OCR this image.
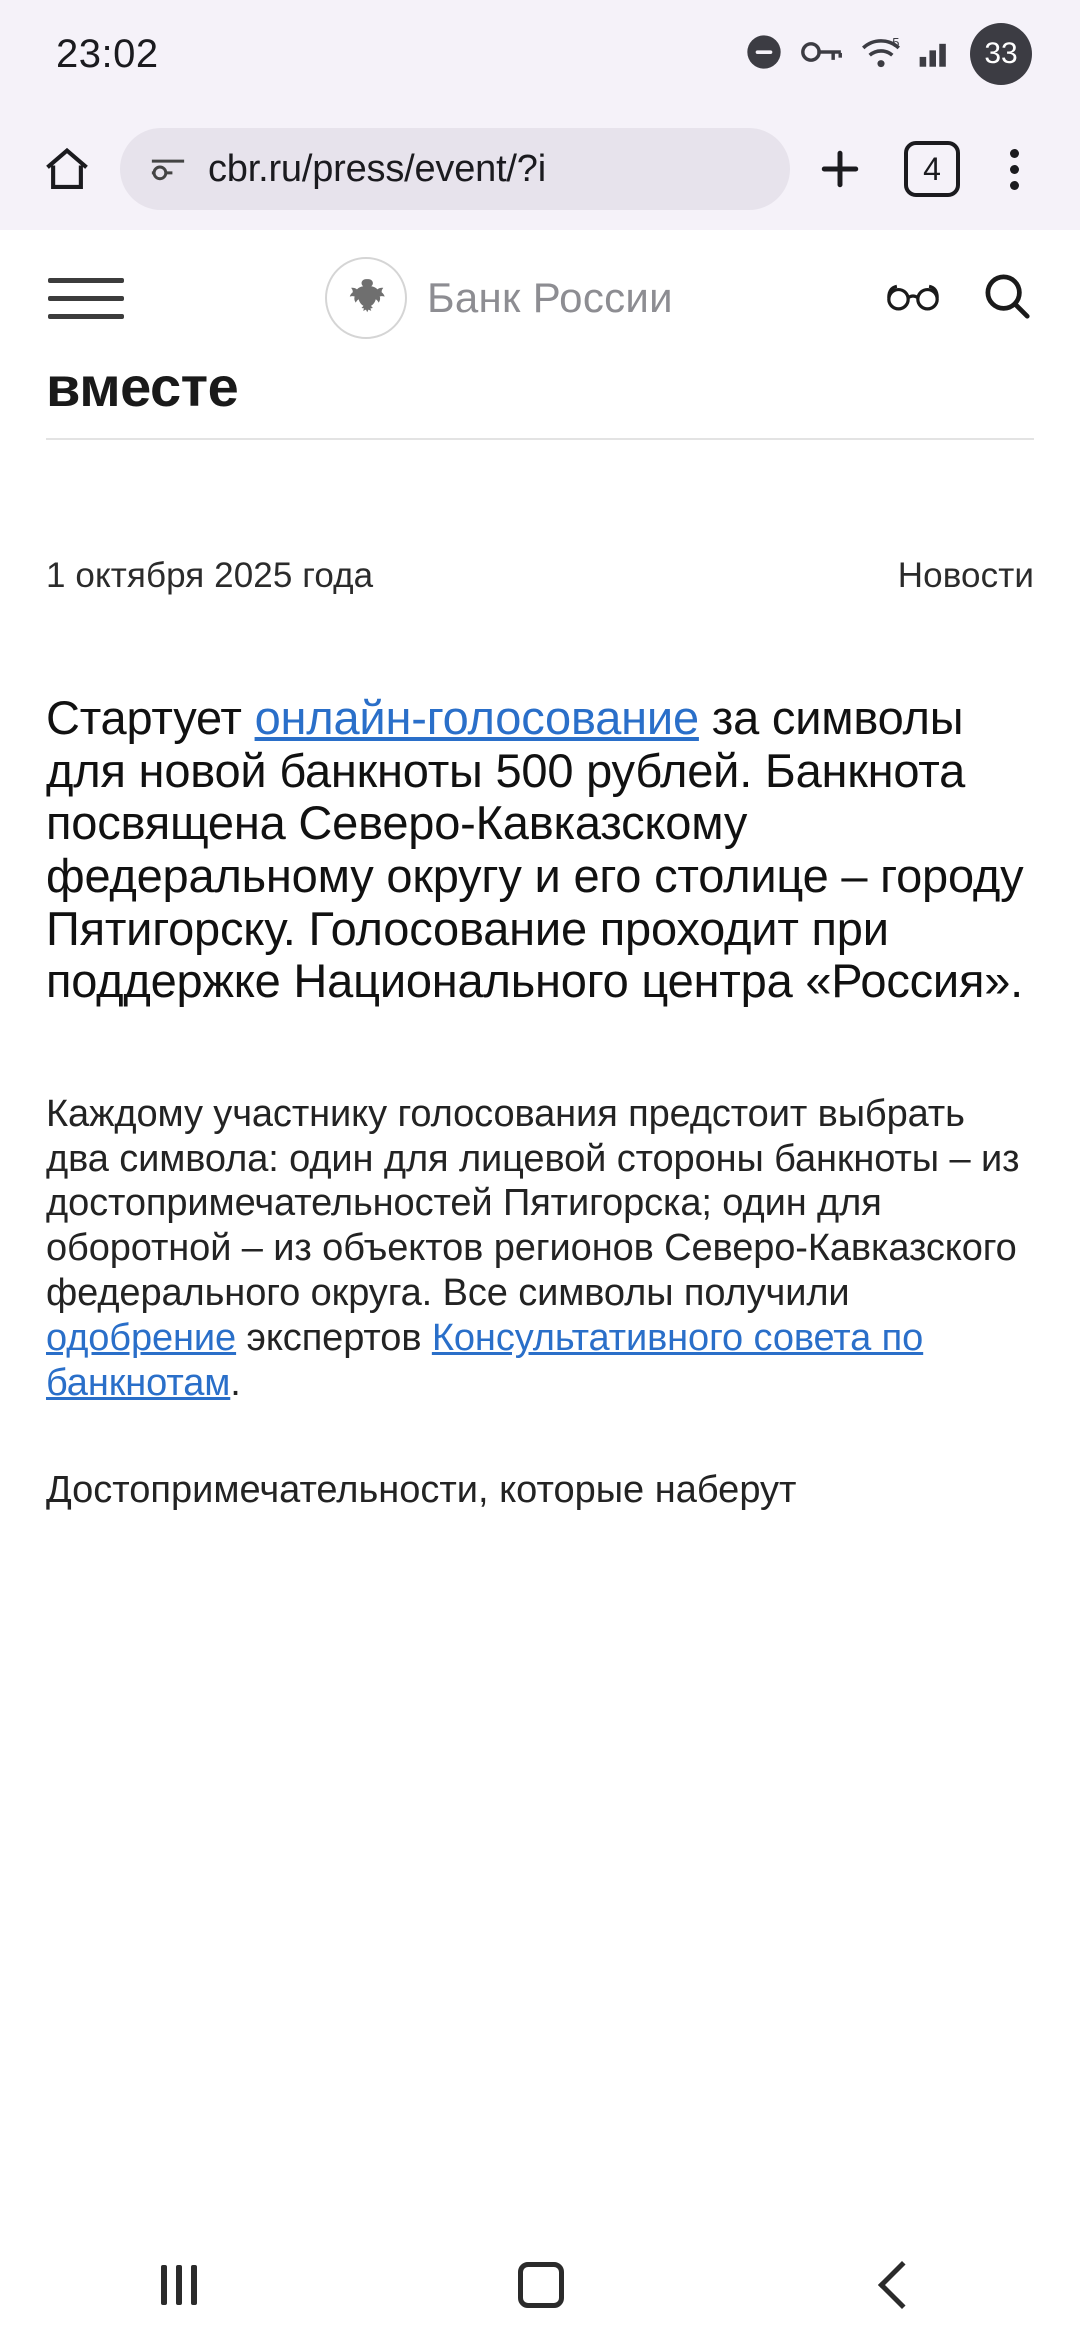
23:02	5	33
cbr.ru/press/event/?i	4
Банк России
вместе
1 октября 2025 года	Новости

Стартует онлайн-голосование за символы для новой банкноты 500 рублей. Банкнота посвящена Северо-Кавказскому федеральному округу и его столице – городу Пятигорску. Голосование проходит при поддержке Национального центра «Россия».

Каждому участнику голосования предстоит выбрать два символа: один для лицевой стороны банкноты – из достопримечательностей Пятигорска; один для оборотной – из объектов регионов Северо-Кавказского федерального округа. Все символы получили одобрение экспертов Консультативного совета по банкнотам.

Достопримечательности, которые наберут
